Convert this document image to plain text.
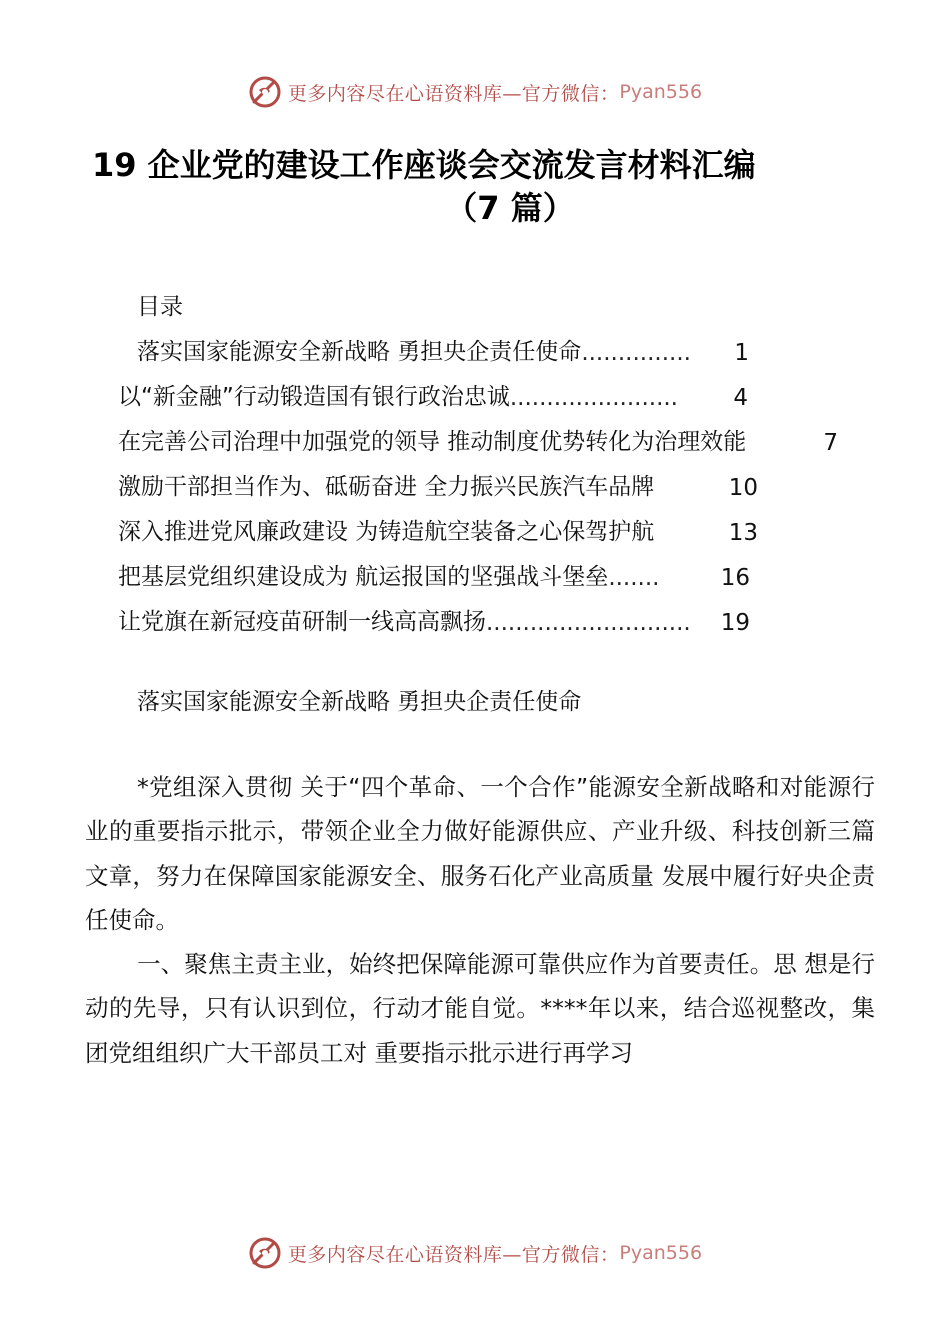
更多内容尽在心语资料库—官方微信： Pyan556
19 企业党的建设工作座谈会交流发言材料汇编
（7 篇）
目录
落实国家能源安全新战略 勇担央企责任使命 ...............	1
以“新金融”行动锻造国有银行政治忠诚 .......................	4
在完善公司治理中加强党的领导 推动制度优势转化为治理效能	7
激励干部担当作为、砥砺奋进 全力振兴民族汽车品牌	10
深入推进党风廉政建设 为铸造航空装备之心保驾护航	13
把基层党组织建设成为 航运报国的坚强战斗堡垒 .......	16
让党旗在新冠疫苗研制一线高高飘扬 ............................	19
落实国家能源安全新战略 勇担央企责任使命
*党组深入贯彻 关于“四个革命、一个合作”能源安全新战略和对能源行业的重要指示批示，带领企业全力做好能源供应、产业升级、科技创新三篇文章，努力在保障国家能源安全、服务石化产业高质量 发展中履行好央企责任使命。
一、聚焦主责主业，始终把保障能源可靠供应作为首要责任。思 想是行动的先导，只有认识到位，行动才能自觉。****年以来，结合巡视整改，集团党组组织广大干部员工对 重要指示批示进行再学习
更多内容尽在心语资料库—官方微信： Pyan556
